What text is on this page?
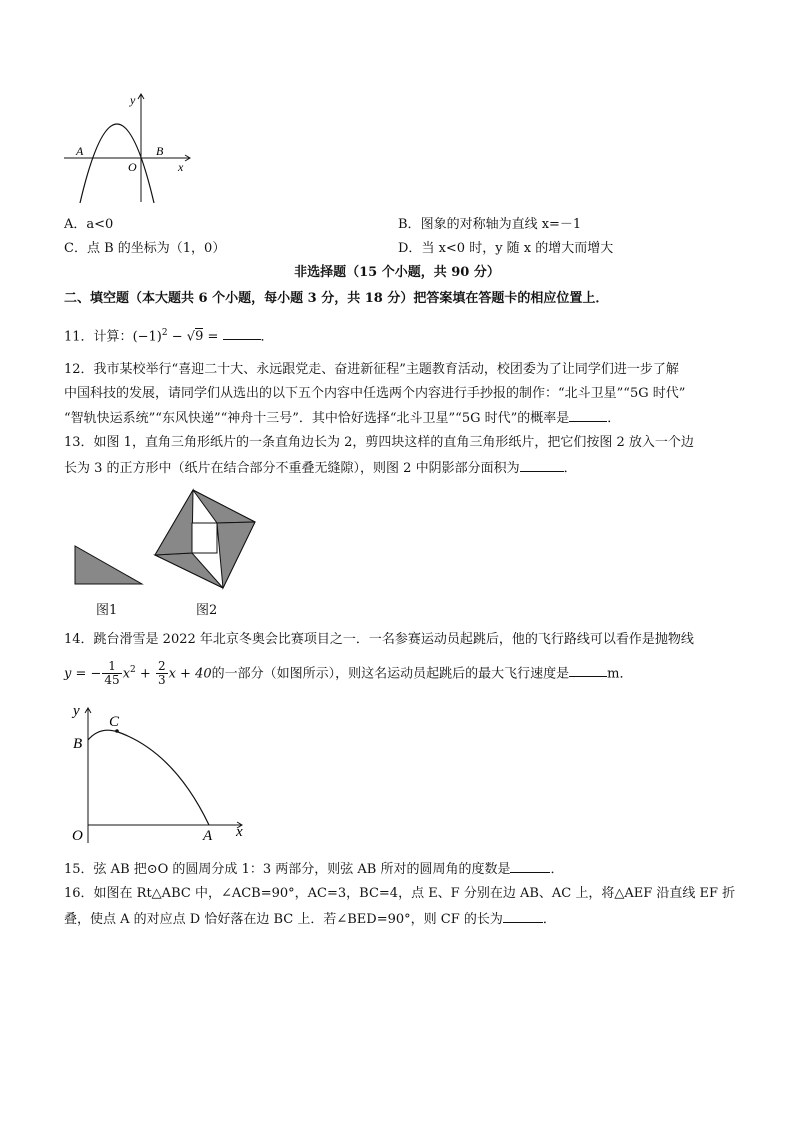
y
x
A	B
O
A．a<0	B．图象的对称轴为直线 x=－1
C．点 B 的坐标为（1，0）	D．当 x<0 时，y 随 x 的增大而增大
非选择题（15 个小题，共 90 分）
二、填空题（本大题共 6 个小题，每小题 3 分，共 18 分）把答案填在答题卡的相应位置上．
11．计算：$(-1)^2 - √9$ =	．
12．我市某校举行“喜迎二十大、永远跟党走、奋进新征程”主题教育活动，校团委为了让同学们进一步了解
中国科技的发展，请同学们从选出的以下五个内容中任选两个内容进行手抄报的制作：“北斗卫星”“5G 时代”
“智轨快运系统”“东风快递”“神舟十三号”．其中恰好选择“北斗卫星”“5G 时代”的概率是	．
13．如图 1，直角三角形纸片的一条直角边长为 2，剪四块这样的直角三角形纸片，把它们按图 2 放入一个边
长为 3 的正方形中（纸片在结合部分不重叠无缝隙），则图 2 中阴影部分面积为	．
图1	图2
14．跳台滑雪是 2022 年北京冬奥会比赛项目之一．一名参赛运动员起跳后，他的飞行路线可以看作是抛物线
y = − $\frac{1}{45} x^2 + \frac{2}{3}$ x + 40的一部分（如图所示），则这名运动员起跳后的最大飞行速度是	m．
y
x
B
C
O	A
15．弦 AB 把⊙O 的圆周分成 1：3 两部分，则弦 AB 所对的圆周角的度数是	．
16．如图在 Rt△ABC 中，∠ACB=90°，AC=3，BC=4，点 E、F 分别在边 AB、AC 上，将△AEF 沿直线 EF 折
叠，使点 A 的对应点 D 恰好落在边 BC 上．若∠BED=90°，则 CF 的长为	．
